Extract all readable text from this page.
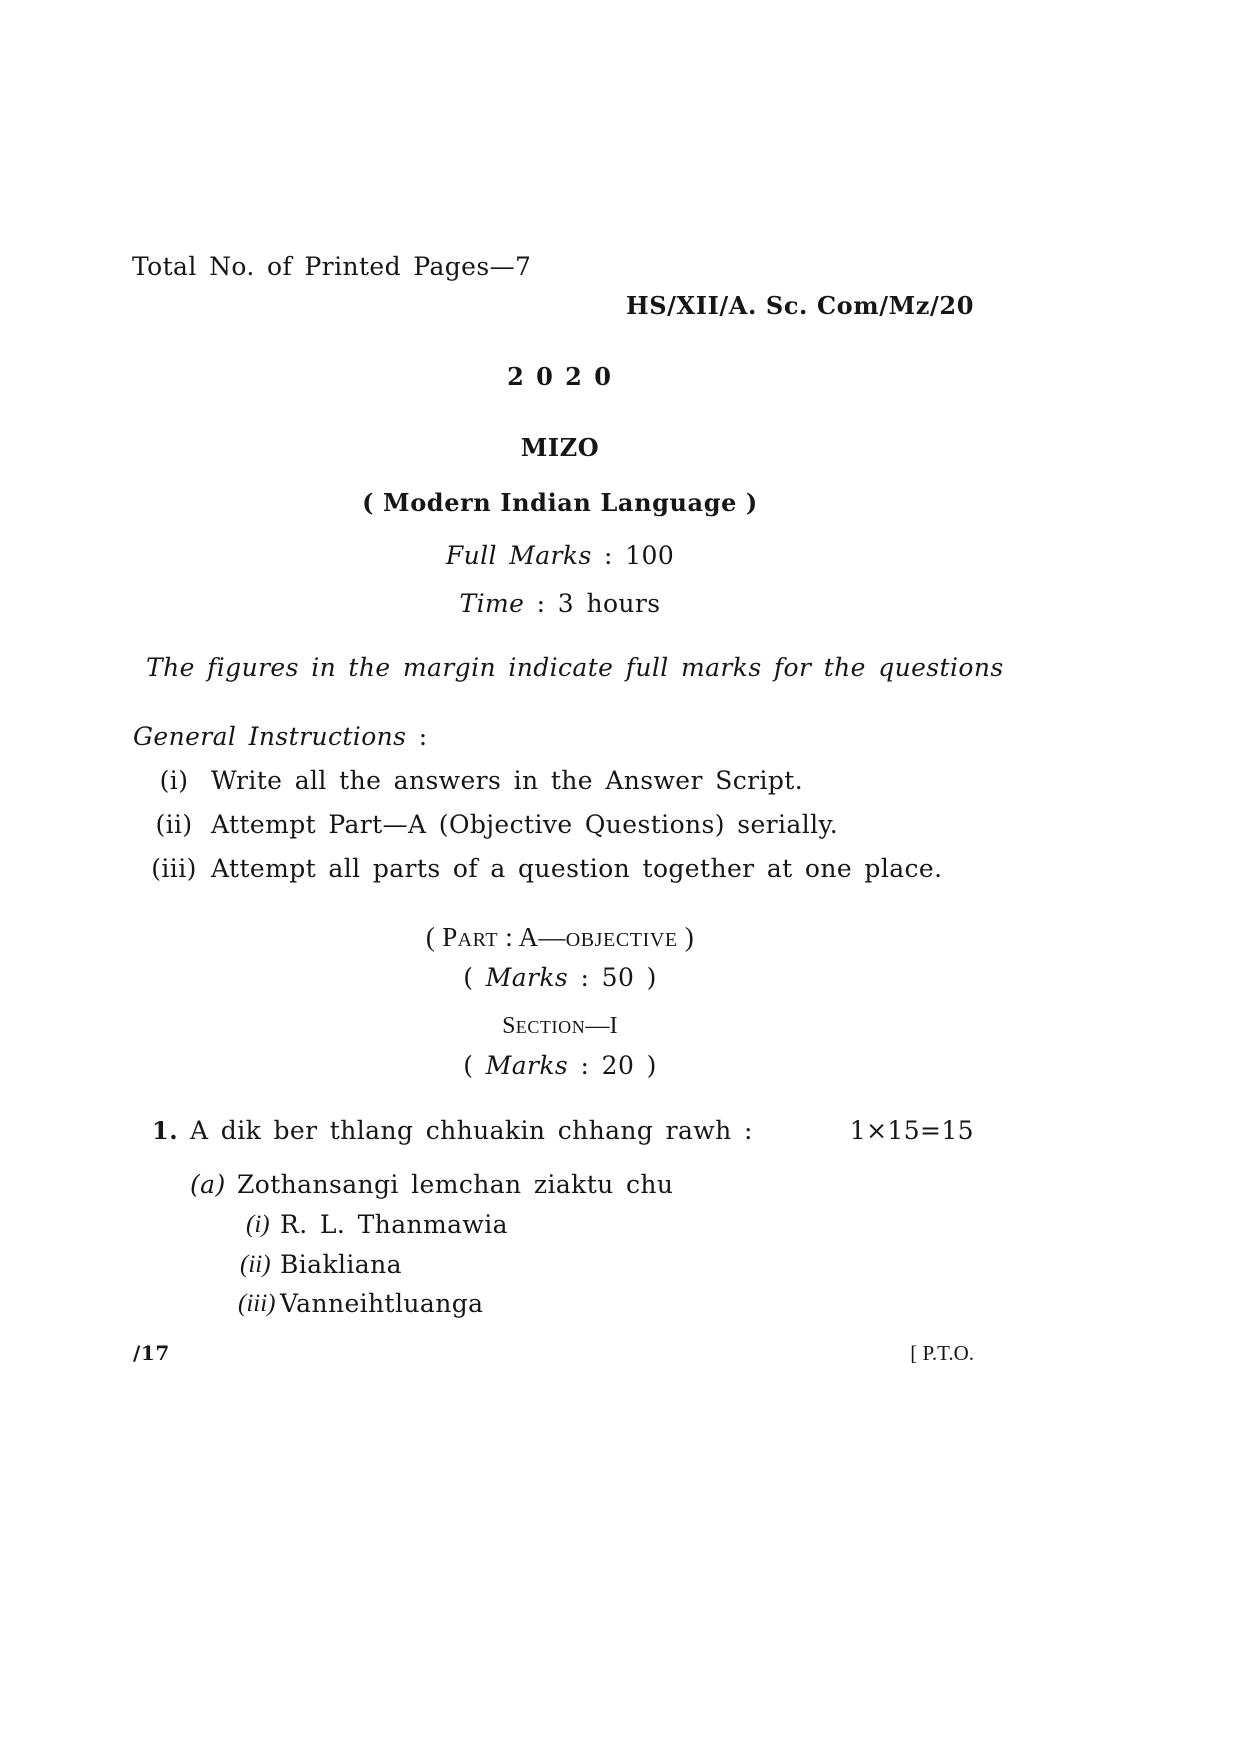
Total No. of Printed Pages—7
HS/XII/A. Sc. Com/Mz/20
2 0 2 0
MIZO
( Modern Indian Language )
Full Marks : 100
Time : 3 hours
The figures in the margin indicate full marks for the questions
General Instructions :
(i) Write all the answers in the Answer Script.
(ii) Attempt Part—A (Objective Questions) serially.
(iii) Attempt all parts of a question together at one place.
( PART : A—OBJECTIVE )
( Marks : 50 )
SECTION—I
( Marks : 20 )
1. A dik ber thlang chhuakin chhang rawh :	1×15=15
(a) Zothansangi lemchan ziaktu chu
(i) R. L. Thanmawia
(ii) Biakliana
(iii) Vanneihtluanga
/17	[ P.T.O.
